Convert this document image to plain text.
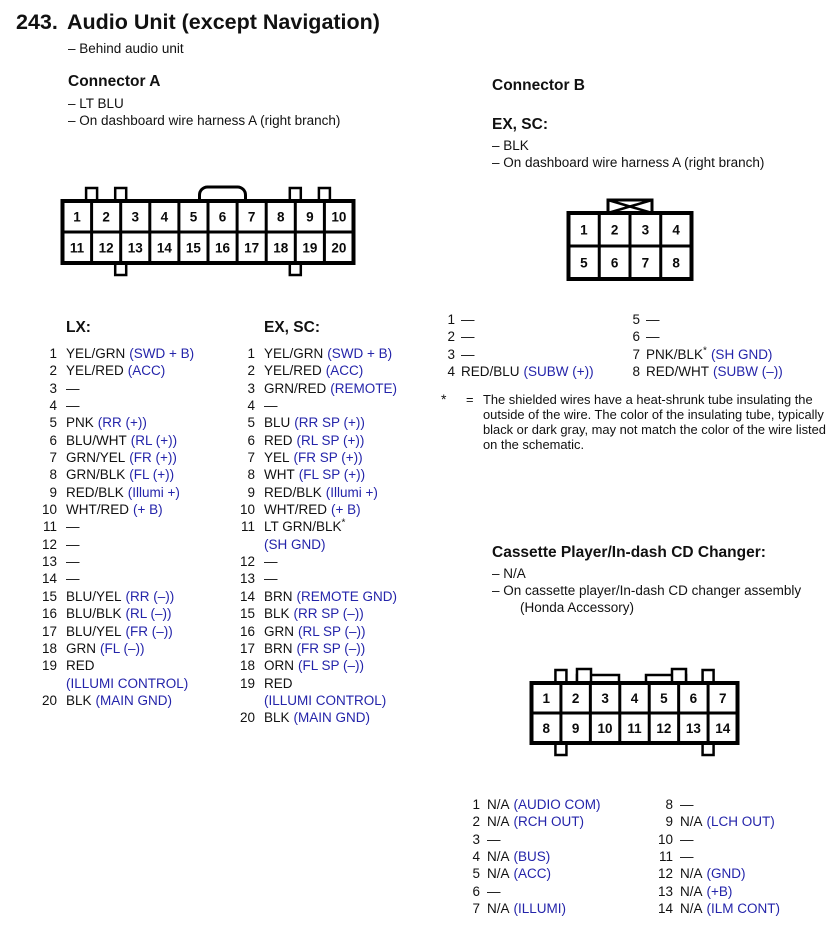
243. Audio Unit (except Navigation)
– Behind audio unit
Connector A
– LT BLU
– On dashboard wire harness A (right branch)
1 2 3 4 5 6 7 8 9 10
11 12 13 14 15 16 17 18 19 20
LX:
1 YEL/GRN (SWD + B)
2 YEL/RED (ACC)
3 —
4 —
5 PNK (RR (+))
6 BLU/WHT (RL (+))
7 GRN/YEL (FR (+))
8 GRN/BLK (FL (+))
9 RED/BLK (Illumi +)
10 WHT/RED (+ B)
11 —
12 —
13 —
14 —
15 BLU/YEL (RR (–))
16 BLU/BLK (RL (–))
17 BLU/YEL (FR (–))
18 GRN (FL (–))
19 RED
(ILLUMI CONTROL)
20 BLK (MAIN GND)
EX, SC:
1 YEL/GRN (SWD + B)
2 YEL/RED (ACC)
3 GRN/RED (REMOTE)
4 —
5 BLU (RR SP (+))
6 RED (RL SP (+))
7 YEL (FR SP (+))
8 WHT (FL SP (+))
9 RED/BLK (Illumi +)
10 WHT/RED (+ B)
11 LT GRN/BLK*
(SH GND)
12 —
13 —
14 BRN (REMOTE GND)
15 BLK (RR SP (–))
16 GRN (RL SP (–))
17 BRN (FR SP (–))
18 ORN (FL SP (–))
19 RED
(ILLUMI CONTROL)
20 BLK (MAIN GND)
Connector B
EX, SC:
– BLK
– On dashboard wire harness A (right branch)
1 2 3 4
5 6 7 8
1 —
2 —
3 —
4 RED/BLU (SUBW (+))
5 —
6 —
7 PNK/BLK* (SH GND)
8 RED/WHT (SUBW (–))
*	= The shielded wires have a heat-shrunk tube insulating the
outside of the wire. The color of the insulating tube, typically
black or dark gray, may not match the color of the wire listed
on the schematic.
Cassette Player/In-dash CD Changer:
– N/A
– On cassette player/In-dash CD changer assembly
(Honda Accessory)
1 2 3 4 5 6 7
8 9 10 11 12 13 14
1 N/A (AUDIO COM)
2 N/A (RCH OUT)
3 —
4 N/A (BUS)
5 N/A (ACC)
6 —
7 N/A (ILLUMI)
8 —
9 N/A (LCH OUT)
10 —
11 —
12 N/A (GND)
13 N/A (+B)
14 N/A (ILM CONT)
